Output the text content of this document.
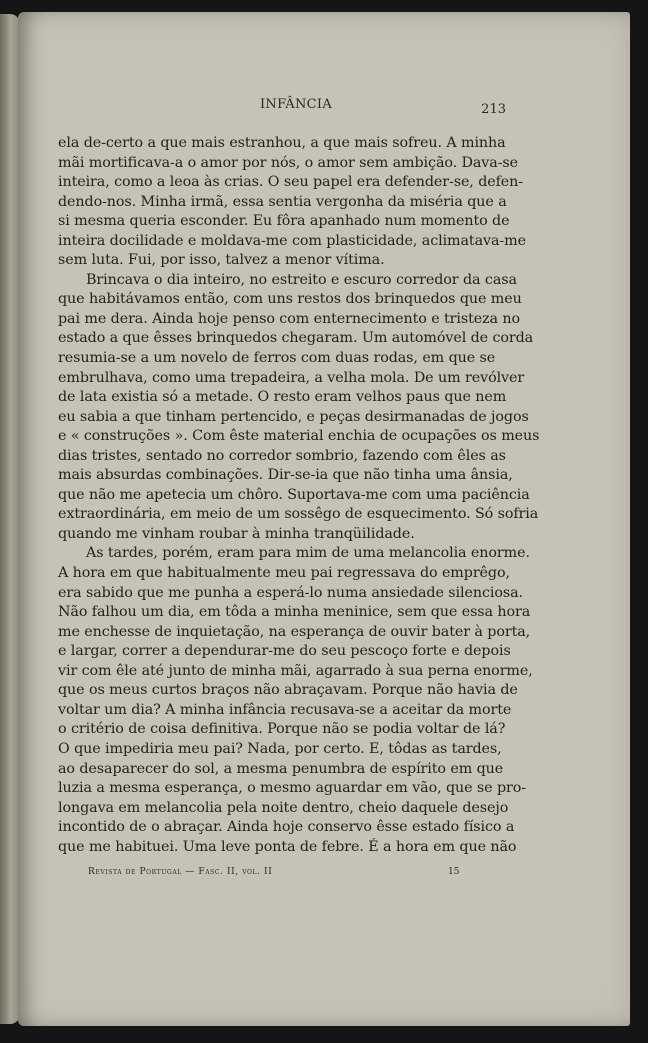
INFÂNCIA	213
ela de-certo a que mais estranhou, a que mais sofreu. A minha
mãi mortificava-a o amor por nós, o amor sem ambição. Dava-se
inteira, como a leoa às crias. O seu papel era defender-se, defen-
dendo-nos. Minha irmã, essa sentia vergonha da miséria que a
si mesma queria esconder. Eu fôra apanhado num momento de
inteira docilidade e moldava-me com plasticidade, aclimatava-me
sem luta. Fui, por isso, talvez a menor vítima.
Brincava o dia inteiro, no estreito e escuro corredor da casa
que habitávamos então, com uns restos dos brinquedos que meu
pai me dera. Ainda hoje penso com enternecimento e tristeza no
estado a que êsses brinquedos chegaram. Um automóvel de corda
resumia-se a um novelo de ferros com duas rodas, em que se
embrulhava, como uma trepadeira, a velha mola. De um revólver
de lata existia só a metade. O resto eram velhos paus que nem
eu sabia a que tinham pertencido, e peças desirmanadas de jogos
e « construções ». Com êste material enchia de ocupações os meus
dias tristes, sentado no corredor sombrio, fazendo com êles as
mais absurdas combinações. Dir-se-ia que não tinha uma ânsia,
que não me apetecia um chôro. Suportava-me com uma paciência
extraordinária, em meio de um sossêgo de esquecimento. Só sofria
quando me vinham roubar à minha tranqüilidade.
As tardes, porém, eram para mim de uma melancolia enorme.
A hora em que habitualmente meu pai regressava do emprêgo,
era sabido que me punha a esperá-lo numa ansiedade silenciosa.
Não falhou um dia, em tôda a minha meninice, sem que essa hora
me enchesse de inquietação, na esperança de ouvir bater à porta,
e largar, correr a dependurar-me do seu pescoço forte e depois
vir com êle até junto de minha mãi, agarrado à sua perna enorme,
que os meus curtos braços não abraçavam. Porque não havia de
voltar um dia? A minha infância recusava-se a aceitar da morte
o critério de coisa definitiva. Porque não se podia voltar de lá?
O que impediria meu pai? Nada, por certo. E, tôdas as tardes,
ao desaparecer do sol, a mesma penumbra de espírito em que
luzia a mesma esperança, o mesmo aguardar em vão, que se pro-
longava em melancolia pela noite dentro, cheio daquele desejo
incontido de o abraçar. Ainda hoje conservo êsse estado físico a
que me habituei. Uma leve ponta de febre. É a hora em que não
Revista de Portugal — Fasc. II, vol. II	15
